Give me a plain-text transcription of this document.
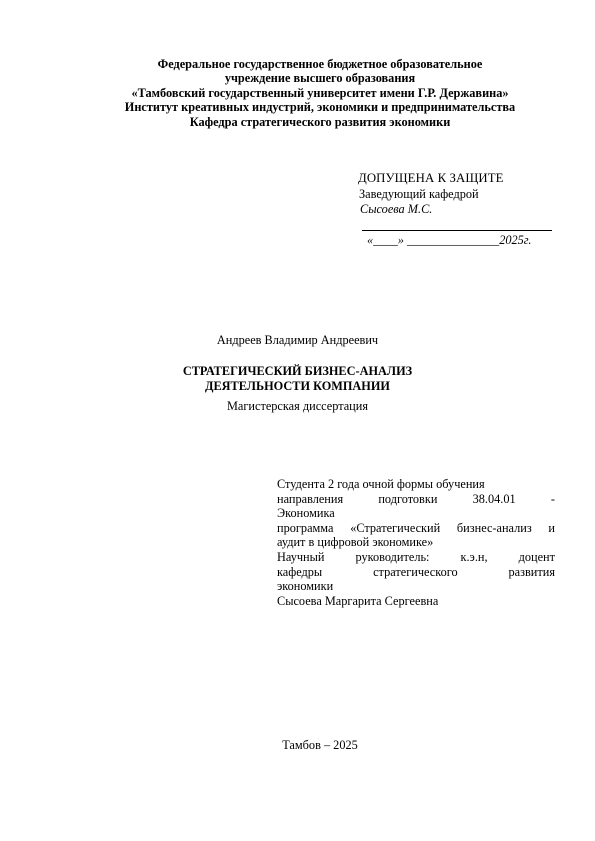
Федеральное государственное бюджетное образовательное
учреждение высшего образования
«Тамбовский государственный университет имени Г.Р. Державина»
Институт креативных индустрий, экономики и предпринимательства
Кафедра стратегического развития экономики
ДОПУЩЕНА К ЗАЩИТЕ
Заведующий кафедрой
Сысоева М.С.
«____» _______________2025г.
Андреев Владимир Андреевич
СТРАТЕГИЧЕСКИЙ БИЗНЕС-АНАЛИЗ
ДЕЯТЕЛЬНОСТИ КОМПАНИИ
Магистерская диссертация
Студента 2 года очной формы обучения
направления подготовки 38.04.01 -
Экономика
программа «Стратегический бизнес-анализ и
аудит в цифровой экономике»
Научный руководитель: к.э.н, доцент
кафедры стратегического развития
экономики
Сысоева Маргарита Сергеевна
Тамбов – 2025
